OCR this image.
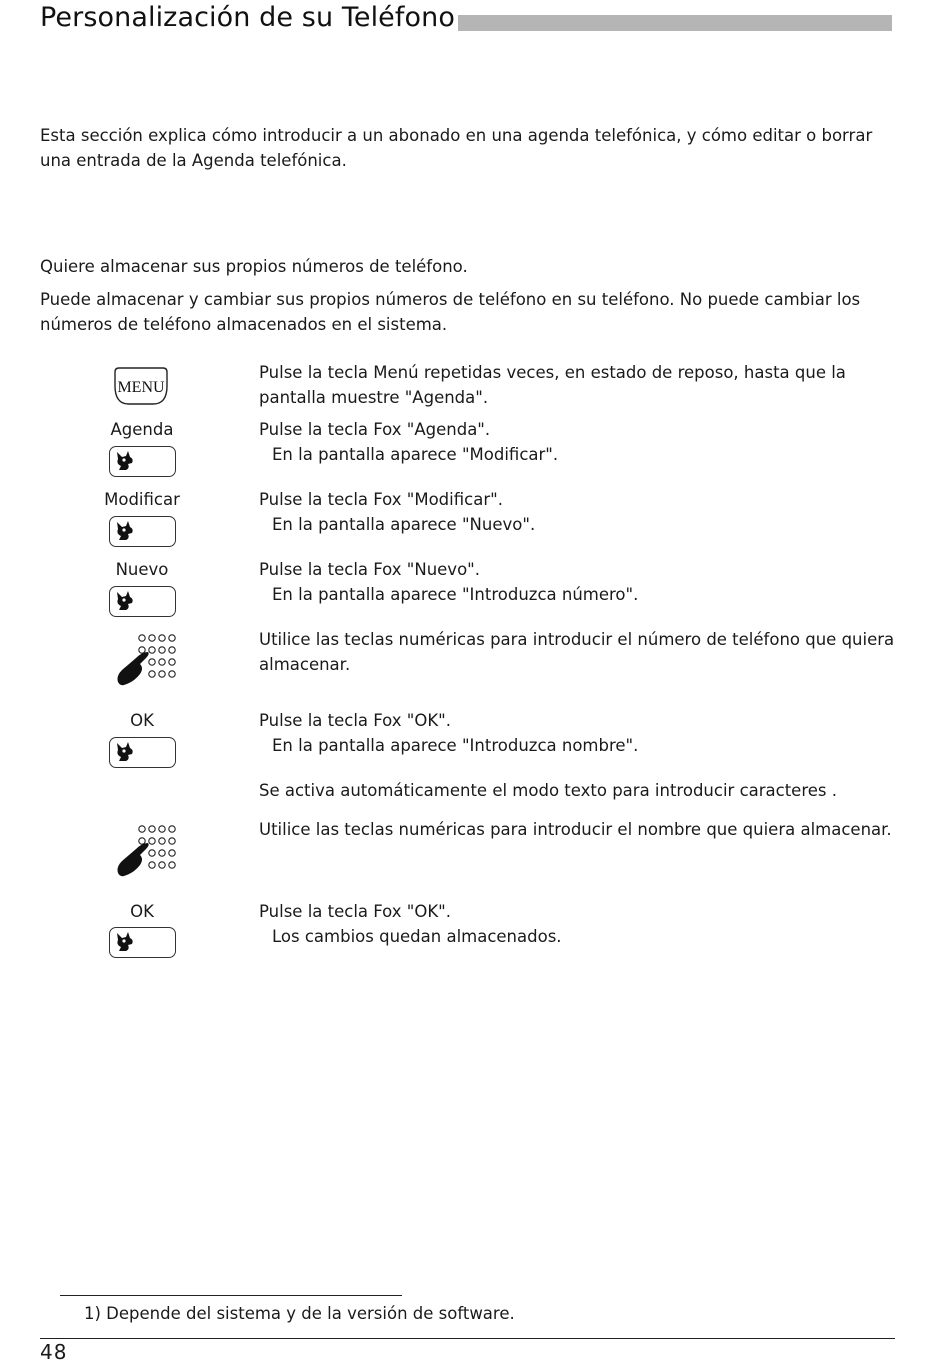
Personalización de su Teléfono

Esta sección explica cómo introducir a un abonado en una agenda telefónica, y cómo editar o borrar una entrada de la Agenda telefónica.

Quiere almacenar sus propios números de teléfono.

Puede almacenar y cambiar sus propios números de teléfono en su teléfono. No puede cambiar los números de teléfono almacenados en el sistema.

MENU

Pulse la tecla Menú repetidas veces, en estado de reposo, hasta que la pantalla muestre "Agenda".

Agenda	Pulse la tecla Fox "Agenda".
En la pantalla aparece "Modificar".

Modificar	Pulse la tecla Fox "Modificar".
En la pantalla aparece "Nuevo".

Nuevo	Pulse la tecla Fox "Nuevo".
En la pantalla aparece "Introduzca número".

Utilice las teclas numéricas para introducir el número de teléfono que quiera almacenar.

OK	Pulse la tecla Fox "OK".
En la pantalla aparece "Introduzca nombre".

Se activa automáticamente el modo texto para introducir caracteres .

Utilice las teclas numéricas para introducir el nombre que quiera almacenar.

OK	Pulse la tecla Fox "OK".
Los cambios quedan almacenados.

1) Depende del sistema y de la versión de software.
48
